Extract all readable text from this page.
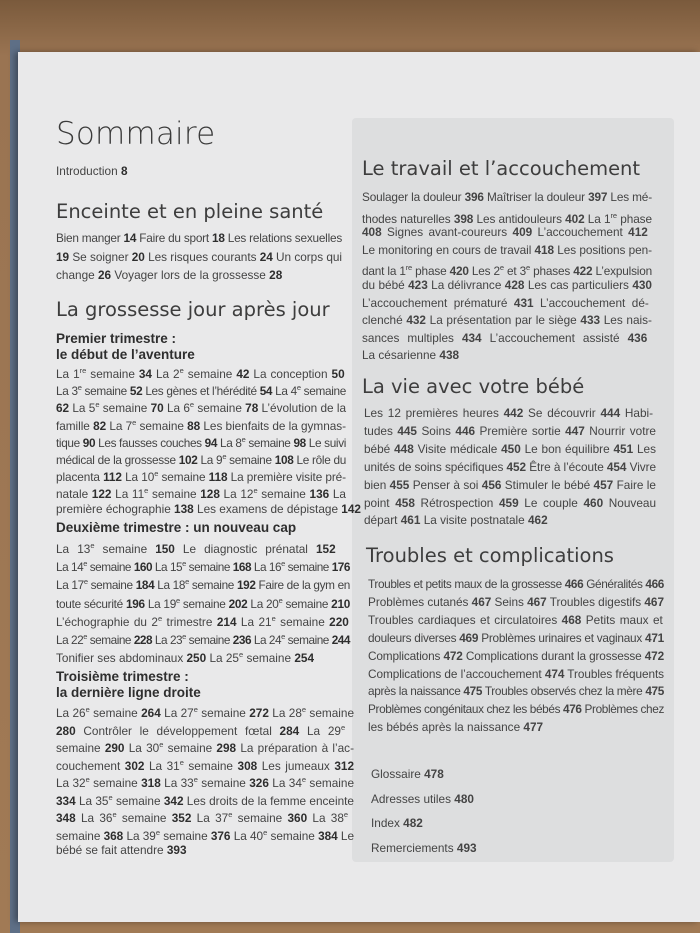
Sommaire
Introduction 8
Enceinte et en pleine santé
Bien manger 14 Faire du sport 18 Les relations sexuelles
19 Se soigner 20 Les risques courants 24 Un corps qui
change 26 Voyager lors de la grossesse 28
La grossesse jour après jour
Premier trimestre :
le début de l’aventure
La 1re semaine 34 La 2e semaine 42 La conception 50
La 3e semaine 52 Les gènes et l’hérédité 54 La 4e semaine
62 La 5e semaine 70 La 6e semaine 78 L’évolution de la
famille 82 La 7e semaine 88 Les bienfaits de la gymnas-
tique 90 Les fausses couches 94 La 8e semaine 98 Le suivi
médical de la grossesse 102 La 9e semaine 108 Le rôle du
placenta 112 La 10e semaine 118 La première visite pré-
natale 122 La 11e semaine 128 La 12e semaine 136 La
première échographie 138 Les examens de dépistage 142
Deuxième trimestre : un nouveau cap
La 13e semaine 150 Le diagnostic prénatal 152
La 14e semaine 160 La 15e semaine 168 La 16e semaine 176
La 17e semaine 184 La 18e semaine 192 Faire de la gym en
toute sécurité 196 La 19e semaine 202 La 20e semaine 210
L’échographie du 2e trimestre 214 La 21e semaine 220
La 22e semaine 228 La 23e semaine 236 La 24e semaine 244
Tonifier ses abdominaux 250 La 25e semaine 254
Troisième trimestre :
la dernière ligne droite
La 26e semaine 264 La 27e semaine 272 La 28e semaine
280 Contrôler le développement fœtal 284 La 29e
semaine 290 La 30e semaine 298 La préparation à l’ac-
couchement 302 La 31e semaine 308 Les jumeaux 312
La 32e semaine 318 La 33e semaine 326 La 34e semaine
334 La 35e semaine 342 Les droits de la femme enceinte
348 La 36e semaine 352 La 37e semaine 360 La 38e
semaine 368 La 39e semaine 376 La 40e semaine 384 Le
bébé se fait attendre 393
Le travail et l’accouchement
Soulager la douleur 396 Maîtriser la douleur 397 Les mé-
thodes naturelles 398 Les antidouleurs 402 La 1re phase
408 Signes avant-coureurs 409 L’accouchement 412
Le monitoring en cours de travail 418 Les positions pen-
dant la 1re phase 420 Les 2e et 3e phases 422 L’expulsion
du bébé 423 La délivrance 428 Les cas particuliers 430
L’accouchement prématuré 431 L’accouchement dé-
clenché 432 La présentation par le siège 433 Les nais-
sances multiples 434 L’accouchement assisté 436
La césarienne 438
La vie avec votre bébé
Les 12 premières heures 442 Se découvrir 444 Habi-
tudes 445 Soins 446 Première sortie 447 Nourrir votre
bébé 448 Visite médicale 450 Le bon équilibre 451 Les
unités de soins spécifiques 452 Être à l’écoute 454 Vivre
bien 455 Penser à soi 456 Stimuler le bébé 457 Faire le
point 458 Rétrospection 459 Le couple 460 Nouveau
départ 461 La visite postnatale 462
Troubles et complications
Troubles et petits maux de la grossesse 466 Généralités 466
Problèmes cutanés 467 Seins 467 Troubles digestifs 467
Troubles cardiaques et circulatoires 468 Petits maux et
douleurs diverses 469 Problèmes urinaires et vaginaux 471
Complications 472 Complications durant la grossesse 472
Complications de l’accouchement 474 Troubles fréquents
après la naissance 475 Troubles observés chez la mère 475
Problèmes congénitaux chez les bébés 476 Problèmes chez
les bébés après la naissance 477
Glossaire 478
Adresses utiles 480
Index 482
Remerciements 493
